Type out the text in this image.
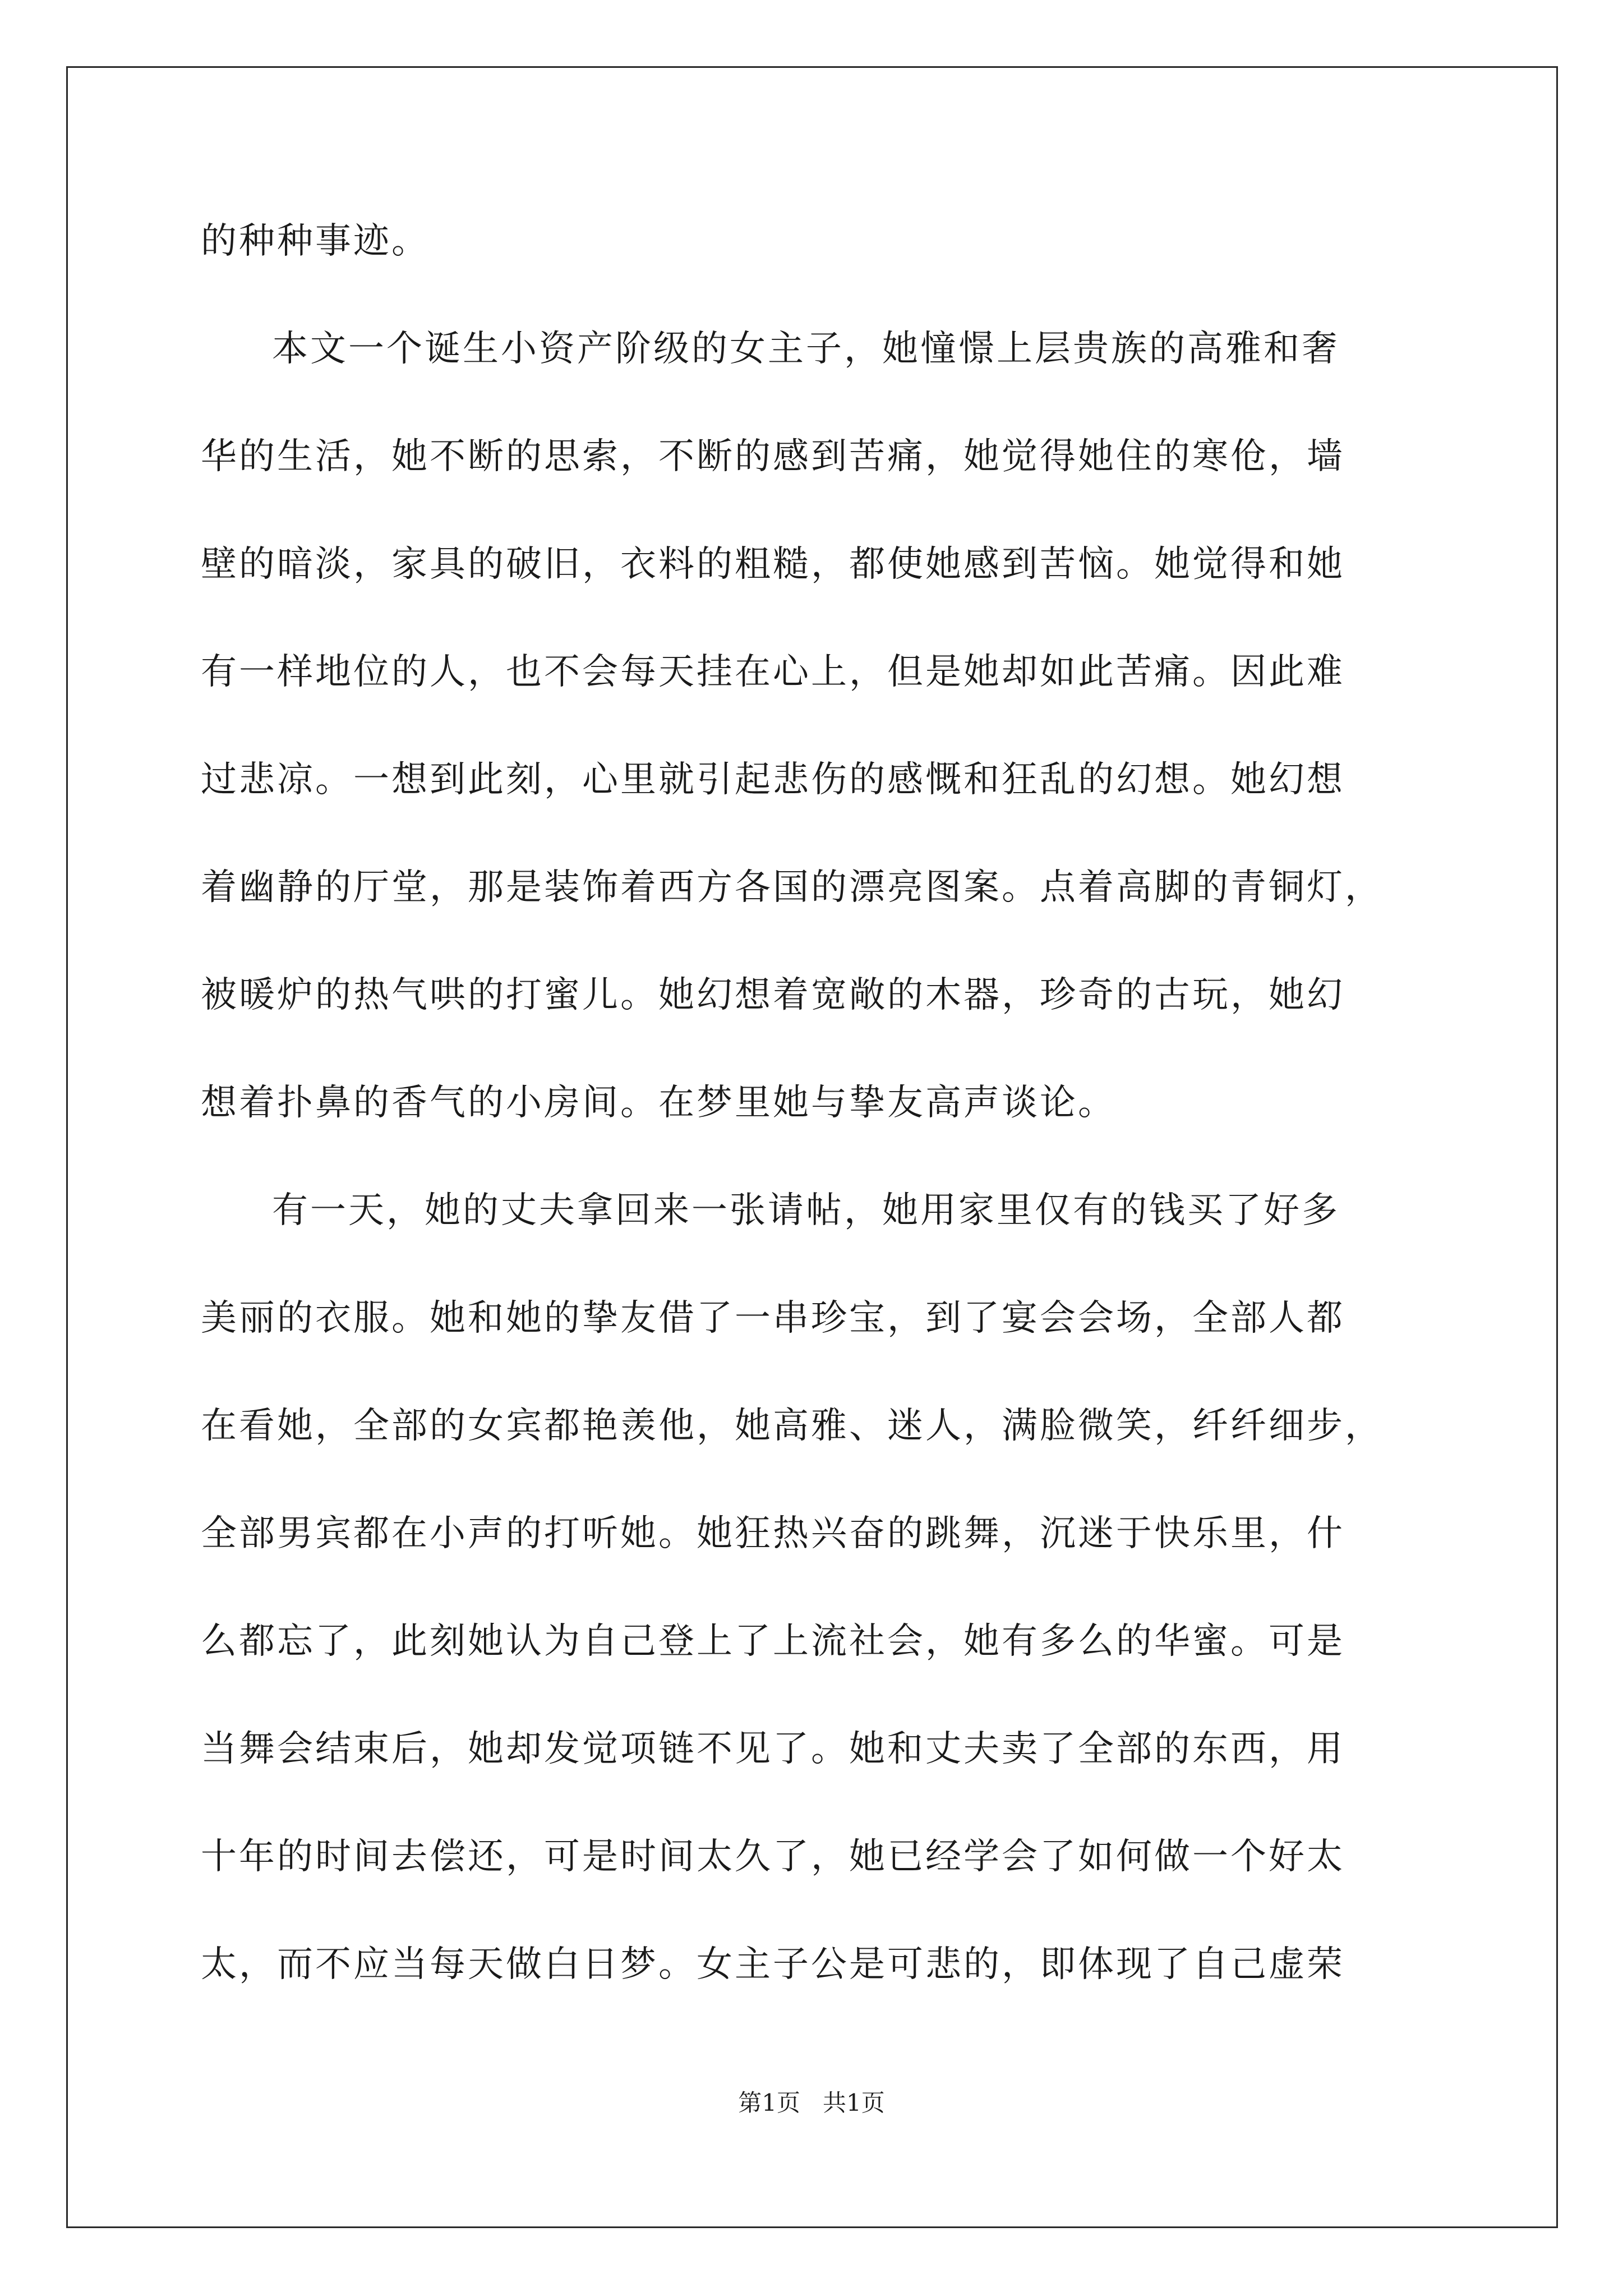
的种种事迹。
本文一个诞生小资产阶级的女主子，她憧憬上层贵族的高雅和奢
华的生活，她不断的思索，不断的感到苦痛，她觉得她住的寒伧，墙
壁的暗淡，家具的破旧，衣料的粗糙，都使她感到苦恼。她觉得和她
有一样地位的人，也不会每天挂在心上，但是她却如此苦痛。因此难
过悲凉。一想到此刻，心里就引起悲伤的感慨和狂乱的幻想。她幻想
着幽静的厅堂，那是装饰着西方各国的漂亮图案。点着高脚的青铜灯，
被暖炉的热气哄的打蜜儿。她幻想着宽敞的木器，珍奇的古玩，她幻
想着扑鼻的香气的小房间。在梦里她与挚友高声谈论。
有一天，她的丈夫拿回来一张请帖，她用家里仅有的钱买了好多
美丽的衣服。她和她的挚友借了一串珍宝，到了宴会会场，全部人都
在看她，全部的女宾都艳羡他，她高雅、迷人，满脸微笑，纤纤细步，
全部男宾都在小声的打听她。她狂热兴奋的跳舞，沉迷于快乐里，什
么都忘了，此刻她认为自己登上了上流社会，她有多么的华蜜。可是
当舞会结束后，她却发觉项链不见了。她和丈夫卖了全部的东西，用
十年的时间去偿还，可是时间太久了，她已经学会了如何做一个好太
太，而不应当每天做白日梦。女主子公是可悲的，即体现了自己虚荣
第1页   共1页
